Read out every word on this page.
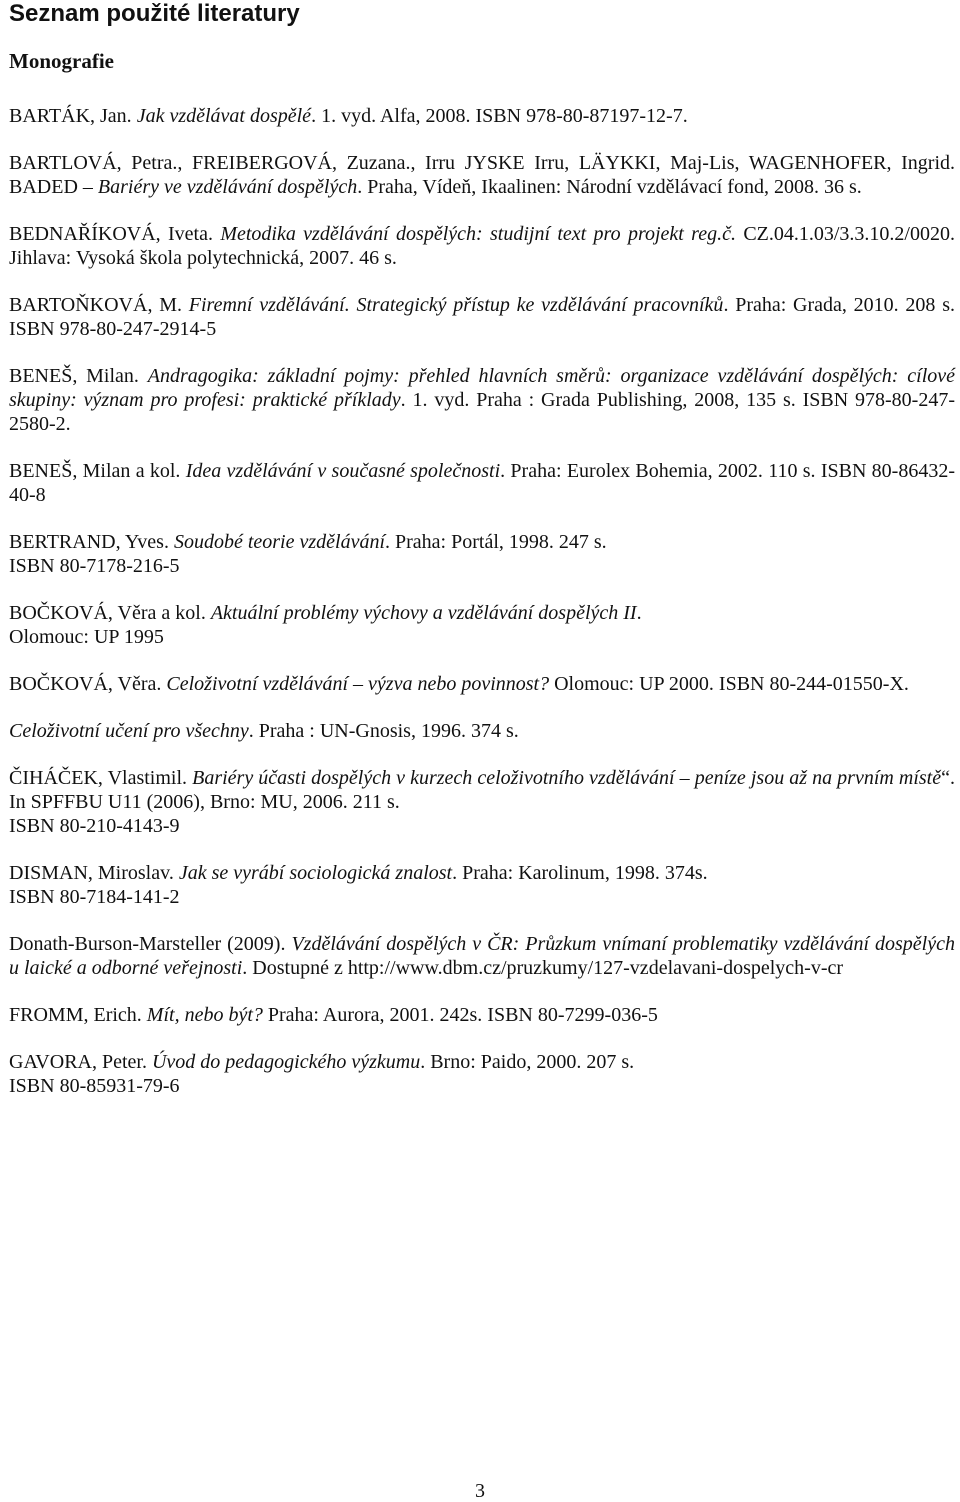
Seznam použité literatury
Monografie

BARTÁK, Jan. Jak vzdělávat dospělé. 1. vyd. Alfa, 2008. ISBN 978-80-87197-12-7.

BARTLOVÁ, Petra., FREIBERGOVÁ, Zuzana., Irru JYSKE Irru, LÄYKKI, Maj-Lis, WAGENHOFER, Ingrid. BADED – Bariéry ve vzdělávání dospělých. Praha, Vídeň, Ikaalinen: Národní vzdělávací fond, 2008. 36 s.

BEDNAŘÍKOVÁ, Iveta. Metodika vzdělávání dospělých: studijní text pro projekt reg.č. CZ.04.1.03/3.3.10.2/0020. Jihlava: Vysoká škola polytechnická, 2007. 46 s.

BARTOŇKOVÁ, M. Firemní vzdělávání. Strategický přístup ke vzdělávání pracovníků. Praha: Grada, 2010. 208 s. ISBN 978-80-247-2914-5

BENEŠ, Milan. Andragogika: základní pojmy: přehled hlavních směrů: organizace vzdělávání dospělých: cílové skupiny: význam pro profesi: praktické příklady. 1. vyd. Praha : Grada Publishing, 2008, 135 s. ISBN 978-80-247-2580-2.

BENEŠ, Milan a kol. Idea vzdělávání v současné společnosti. Praha: Eurolex Bohemia, 2002. 110 s. ISBN 80-86432-40-8

BERTRAND, Yves. Soudobé teorie vzdělávání. Praha: Portál, 1998. 247 s.
ISBN 80-7178-216-5

BOČKOVÁ, Věra a kol. Aktuální problémy výchovy a vzdělávání dospělých II.
Olomouc: UP 1995

BOČKOVÁ, Věra. Celoživotní vzdělávání – výzva nebo povinnost? Olomouc: UP 2000. ISBN 80-244-01550-X.

Celoživotní učení pro všechny. Praha : UN-Gnosis, 1996. 374 s.

ČIHÁČEK, Vlastimil. Bariéry účasti dospělých v kurzech celoživotního vzdělávání – peníze jsou až na prvním místě“. In SPFFBU U11 (2006), Brno: MU, 2006. 211 s.
ISBN 80-210-4143-9

DISMAN, Miroslav. Jak se vyrábí sociologická znalost. Praha: Karolinum, 1998. 374s.
ISBN 80-7184-141-2

Donath-Burson-Marsteller (2009). Vzdělávání dospělých v ČR: Průzkum vnímaní problematiky vzdělávání dospělých u laické a odborné veřejnosti. Dostupné z http://www.dbm.cz/pruzkumy/127-vzdelavani-dospelych-v-cr

FROMM, Erich. Mít, nebo být? Praha: Aurora, 2001. 242s. ISBN 80-7299-036-5

GAVORA, Peter. Úvod do pedagogického výzkumu. Brno: Paido, 2000. 207 s.
ISBN 80-85931-79-6

3
